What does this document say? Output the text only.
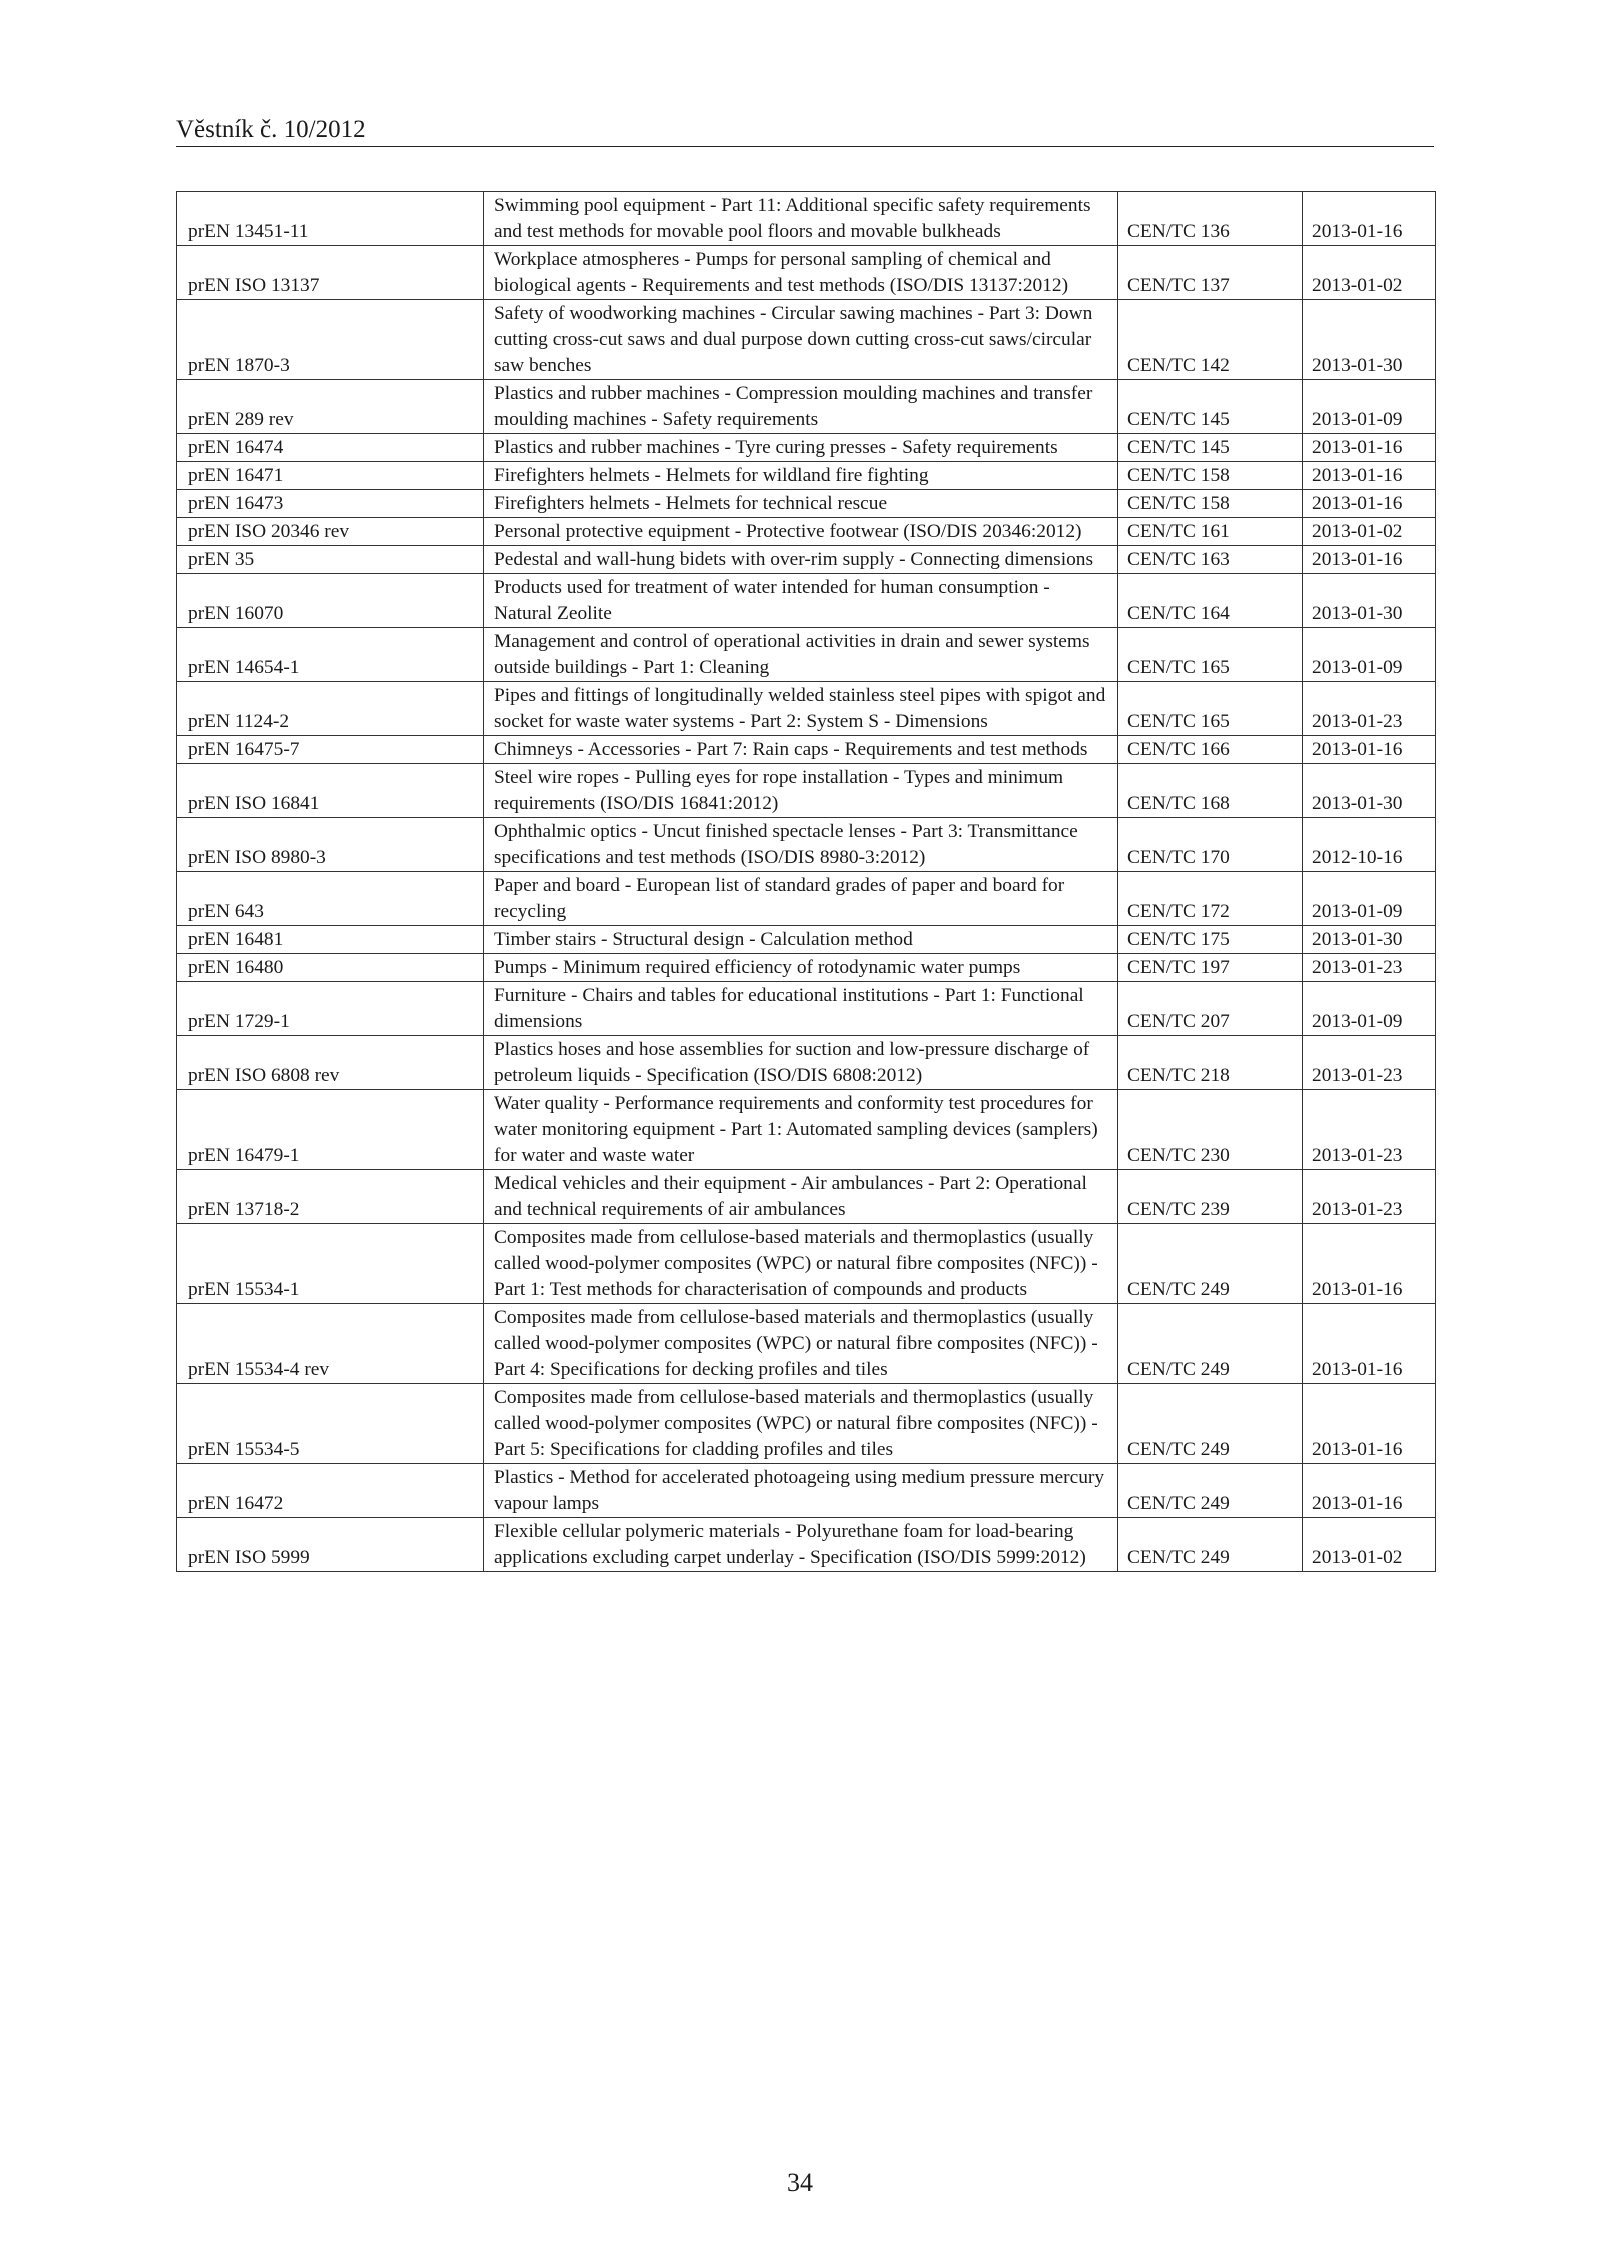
Věstník č. 10/2012
prEN 13451-11	Swimming pool equipment - Part 11: Additional specific safety requirements and test methods for movable pool floors and movable bulkheads	CEN/TC 136	2013-01-16
prEN ISO 13137	Workplace atmospheres - Pumps for personal sampling of chemical and biological agents - Requirements and test methods (ISO/DIS 13137:2012)	CEN/TC 137	2013-01-02
prEN 1870-3	Safety of woodworking machines - Circular sawing machines - Part 3: Down cutting cross-cut saws and dual purpose down cutting cross-cut saws/circular saw benches	CEN/TC 142	2013-01-30
prEN 289 rev	Plastics and rubber machines - Compression moulding machines and transfer moulding machines - Safety requirements	CEN/TC 145	2013-01-09
prEN 16474	Plastics and rubber machines - Tyre curing presses - Safety requirements	CEN/TC 145	2013-01-16
prEN 16471	Firefighters helmets - Helmets for wildland fire fighting	CEN/TC 158	2013-01-16
prEN 16473	Firefighters helmets - Helmets for technical rescue	CEN/TC 158	2013-01-16
prEN ISO 20346 rev	Personal protective equipment - Protective footwear (ISO/DIS 20346:2012)	CEN/TC 161	2013-01-02
prEN 35	Pedestal and wall-hung bidets with over-rim supply - Connecting dimensions	CEN/TC 163	2013-01-16
prEN 16070	Products used for treatment of water intended for human consumption - Natural Zeolite	CEN/TC 164	2013-01-30
prEN 14654-1	Management and control of operational activities in drain and sewer systems outside buildings - Part 1: Cleaning	CEN/TC 165	2013-01-09
prEN 1124-2	Pipes and fittings of longitudinally welded stainless steel pipes with spigot and socket for waste water systems - Part 2: System S - Dimensions	CEN/TC 165	2013-01-23
prEN 16475-7	Chimneys - Accessories - Part 7: Rain caps - Requirements and test methods	CEN/TC 166	2013-01-16
prEN ISO 16841	Steel wire ropes - Pulling eyes for rope installation - Types and minimum requirements (ISO/DIS 16841:2012)	CEN/TC 168	2013-01-30
prEN ISO 8980-3	Ophthalmic optics - Uncut finished spectacle lenses - Part 3: Transmittance specifications and test methods (ISO/DIS 8980-3:2012)	CEN/TC 170	2012-10-16
prEN 643	Paper and board - European list of standard grades of paper and board for recycling	CEN/TC 172	2013-01-09
prEN 16481	Timber stairs - Structural design - Calculation method	CEN/TC 175	2013-01-30
prEN 16480	Pumps - Minimum required efficiency of rotodynamic water pumps	CEN/TC 197	2013-01-23
prEN 1729-1	Furniture - Chairs and tables for educational institutions - Part 1: Functional dimensions	CEN/TC 207	2013-01-09
prEN ISO 6808 rev	Plastics hoses and hose assemblies for suction and low-pressure discharge of petroleum liquids - Specification (ISO/DIS 6808:2012)	CEN/TC 218	2013-01-23
prEN 16479-1	Water quality - Performance requirements and conformity test procedures for water monitoring equipment - Part 1: Automated sampling devices (samplers) for water and waste water	CEN/TC 230	2013-01-23
prEN 13718-2	Medical vehicles and their equipment - Air ambulances - Part 2: Operational and technical requirements of air ambulances	CEN/TC 239	2013-01-23
prEN 15534-1	Composites made from cellulose-based materials and thermoplastics (usually called wood-polymer composites (WPC) or natural fibre composites (NFC)) - Part 1: Test methods for characterisation of compounds and products	CEN/TC 249	2013-01-16
prEN 15534-4 rev	Composites made from cellulose-based materials and thermoplastics (usually called wood-polymer composites (WPC) or natural fibre composites (NFC)) - Part 4: Specifications for decking profiles and tiles	CEN/TC 249	2013-01-16
prEN 15534-5	Composites made from cellulose-based materials and thermoplastics (usually called wood-polymer composites (WPC) or natural fibre composites (NFC)) - Part 5: Specifications for cladding profiles and tiles	CEN/TC 249	2013-01-16
prEN 16472	Plastics - Method for accelerated photoageing using medium pressure mercury vapour lamps	CEN/TC 249	2013-01-16
prEN ISO 5999	Flexible cellular polymeric materials - Polyurethane foam for load-bearing applications excluding carpet underlay - Specification (ISO/DIS 5999:2012)	CEN/TC 249	2013-01-02
34
